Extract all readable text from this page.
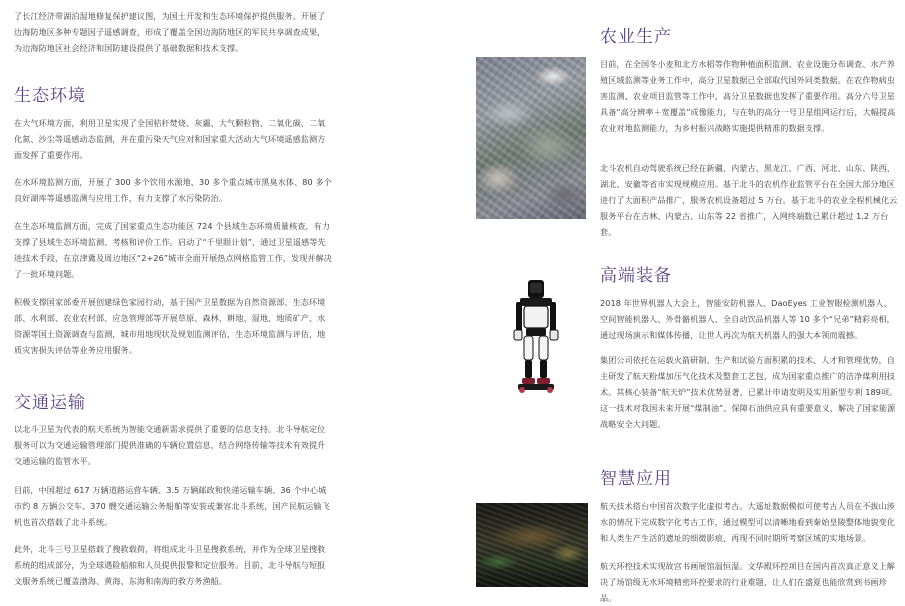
了长江经济带湖泊湿地修复保护建议图，为国土开发和生态环境保护提供服务。开展了边海防地区多种专题因子遥感调查，形成了覆盖全国边海防地区的军民共享调查成果，为边海防地区社会经济和国防建设提供了基础数据和技术支撑。

生态环境

在大气环境方面，利用卫星实现了全国秸秆焚烧、灰霾、大气颗粒物、二氧化碳、二氧化氮、沙尘等遥感动态监测，并在重污染天气应对和国家重大活动大气环境遥感监测方面发挥了重要作用。

在水环境监测方面，开展了 300 多个饮用水源地、30 多个重点城市黑臭水体、80 多个良好湖库等遥感监测与应用工作，有力支撑了水污染防治。

在生态环境监测方面，完成了国家重点生态功能区 724 个县域生态环境质量核查，有力支撑了县域生态环境监测、考核和评价工作。启动了“千里眼计划”，通过卫星遥感等先进技术手段，在京津冀及周边地区“2+26”城市全面开展热点网格监管工作，发现并解决了一批环境问题。

积极支撑国家部委开展创建绿色家园行动，基于国产卫星数据为自然资源部、生态环境部、水利部、农业农村部、应急管理部等开展草原、森林、耕地、湿地、地质矿产、水资源等国土资源调查与监测，城市用地现状及规划监测评估，生态环境监测与评估，地质灾害损失评估等业务应用服务。

交通运输

以北斗卫星为代表的航天系统为智能交通新需求提供了重要的信息支持。北斗导航定位服务可以为交通运输管理部门提供准确的车辆位置信息，结合网络传输等技术有效提升交通运输的监管水平。

目前，中国超过 617 万辆道路运营车辆、3.5 万辆邮政和快递运输车辆、36 个中心城市约 8 万辆公交车、370 艘交通运输公务船舶等安装或兼容北斗系统，国产民航运输飞机也首次搭载了北斗系统。

此外，北斗三号卫星搭载了搜救载荷，将组成北斗卫星搜救系统，并作为全球卫星搜救系统的组成部分，为全球遇险船舶和人员提供报警和定位服务。目前，北斗导航与短报文服务系统已覆盖渤海、黄海、东海和南海的救方务渔船。

农业生产

目前，在全国冬小麦和北方水稻等作物种植面积监测、农业设施分布调查、水产养殖区域监测等业务工作中，高分卫星数据已全部取代国外同类数据。在农作物病虫害监测、农业项目监管等工作中，高分卫星数据也发挥了重要作用。高分六号卫星具备“高分辨率＋宽覆盖”成像能力，与在轨的高分一号卫星组网运行后，大幅提高农业对地监测能力，为乡村振兴战略实施提供精准的数据支撑。

北斗农机自动驾驶系统已经在新疆、内蒙古、黑龙江、广西、河北、山东、陕西、湖北、安徽等省市实现规模应用。基于北斗的农机作业监管平台在全国大部分地区进行了大面积产品推广，服务农机设备超过 5 万台。基于北斗的农业全程机械化云服务平台在吉林、内蒙古、山东等 22 省推广，入网终端数已累计超过 1.2 万台套。

高端装备

2018 年世界机器人大会上，智能安防机器人、DaoEyes 工业智眼检测机器人、空间智能机器人、外骨骼机器人、全自动饮品机器人等 10 多个“兄弟”精彩亮相，通过现场演示和媒体传播，让世人再次为航天机器人的强大本领而震撼。

集团公司依托在运载火箭研制、生产和试验方面积累的技术、人才和管理优势，自主研发了航天粉煤加压气化技术及整套工艺包，成为国家重点推广的洁净煤利用技术。其核心装备“航天炉”技术优势显著，已累计申请发明及实用新型专利 189项。这一技术对我国未来开展“煤制油”、保障石油供应具有重要意义，解决了国家能源战略安全大问题。

智慧应用

航天技术搭台中国首次数字化虚拟考古。大遥址数据模拟可使考古人员在不拔山涉水的情况下完成数字化考古工作，通过模型可以清晰地看到秦始皇陵整体地貌变化和人类生产生活的遗址的细微影痕，再现不同时期所考察区域的实地场景。

航天环控技术实现故宫书画展馆温恒湿。文华殿环控项目在国内首次真正意义上解决了场馆级无水环境精密环控要求的行业难题，让人们在盛夏也能欣赏到书画珍品。
